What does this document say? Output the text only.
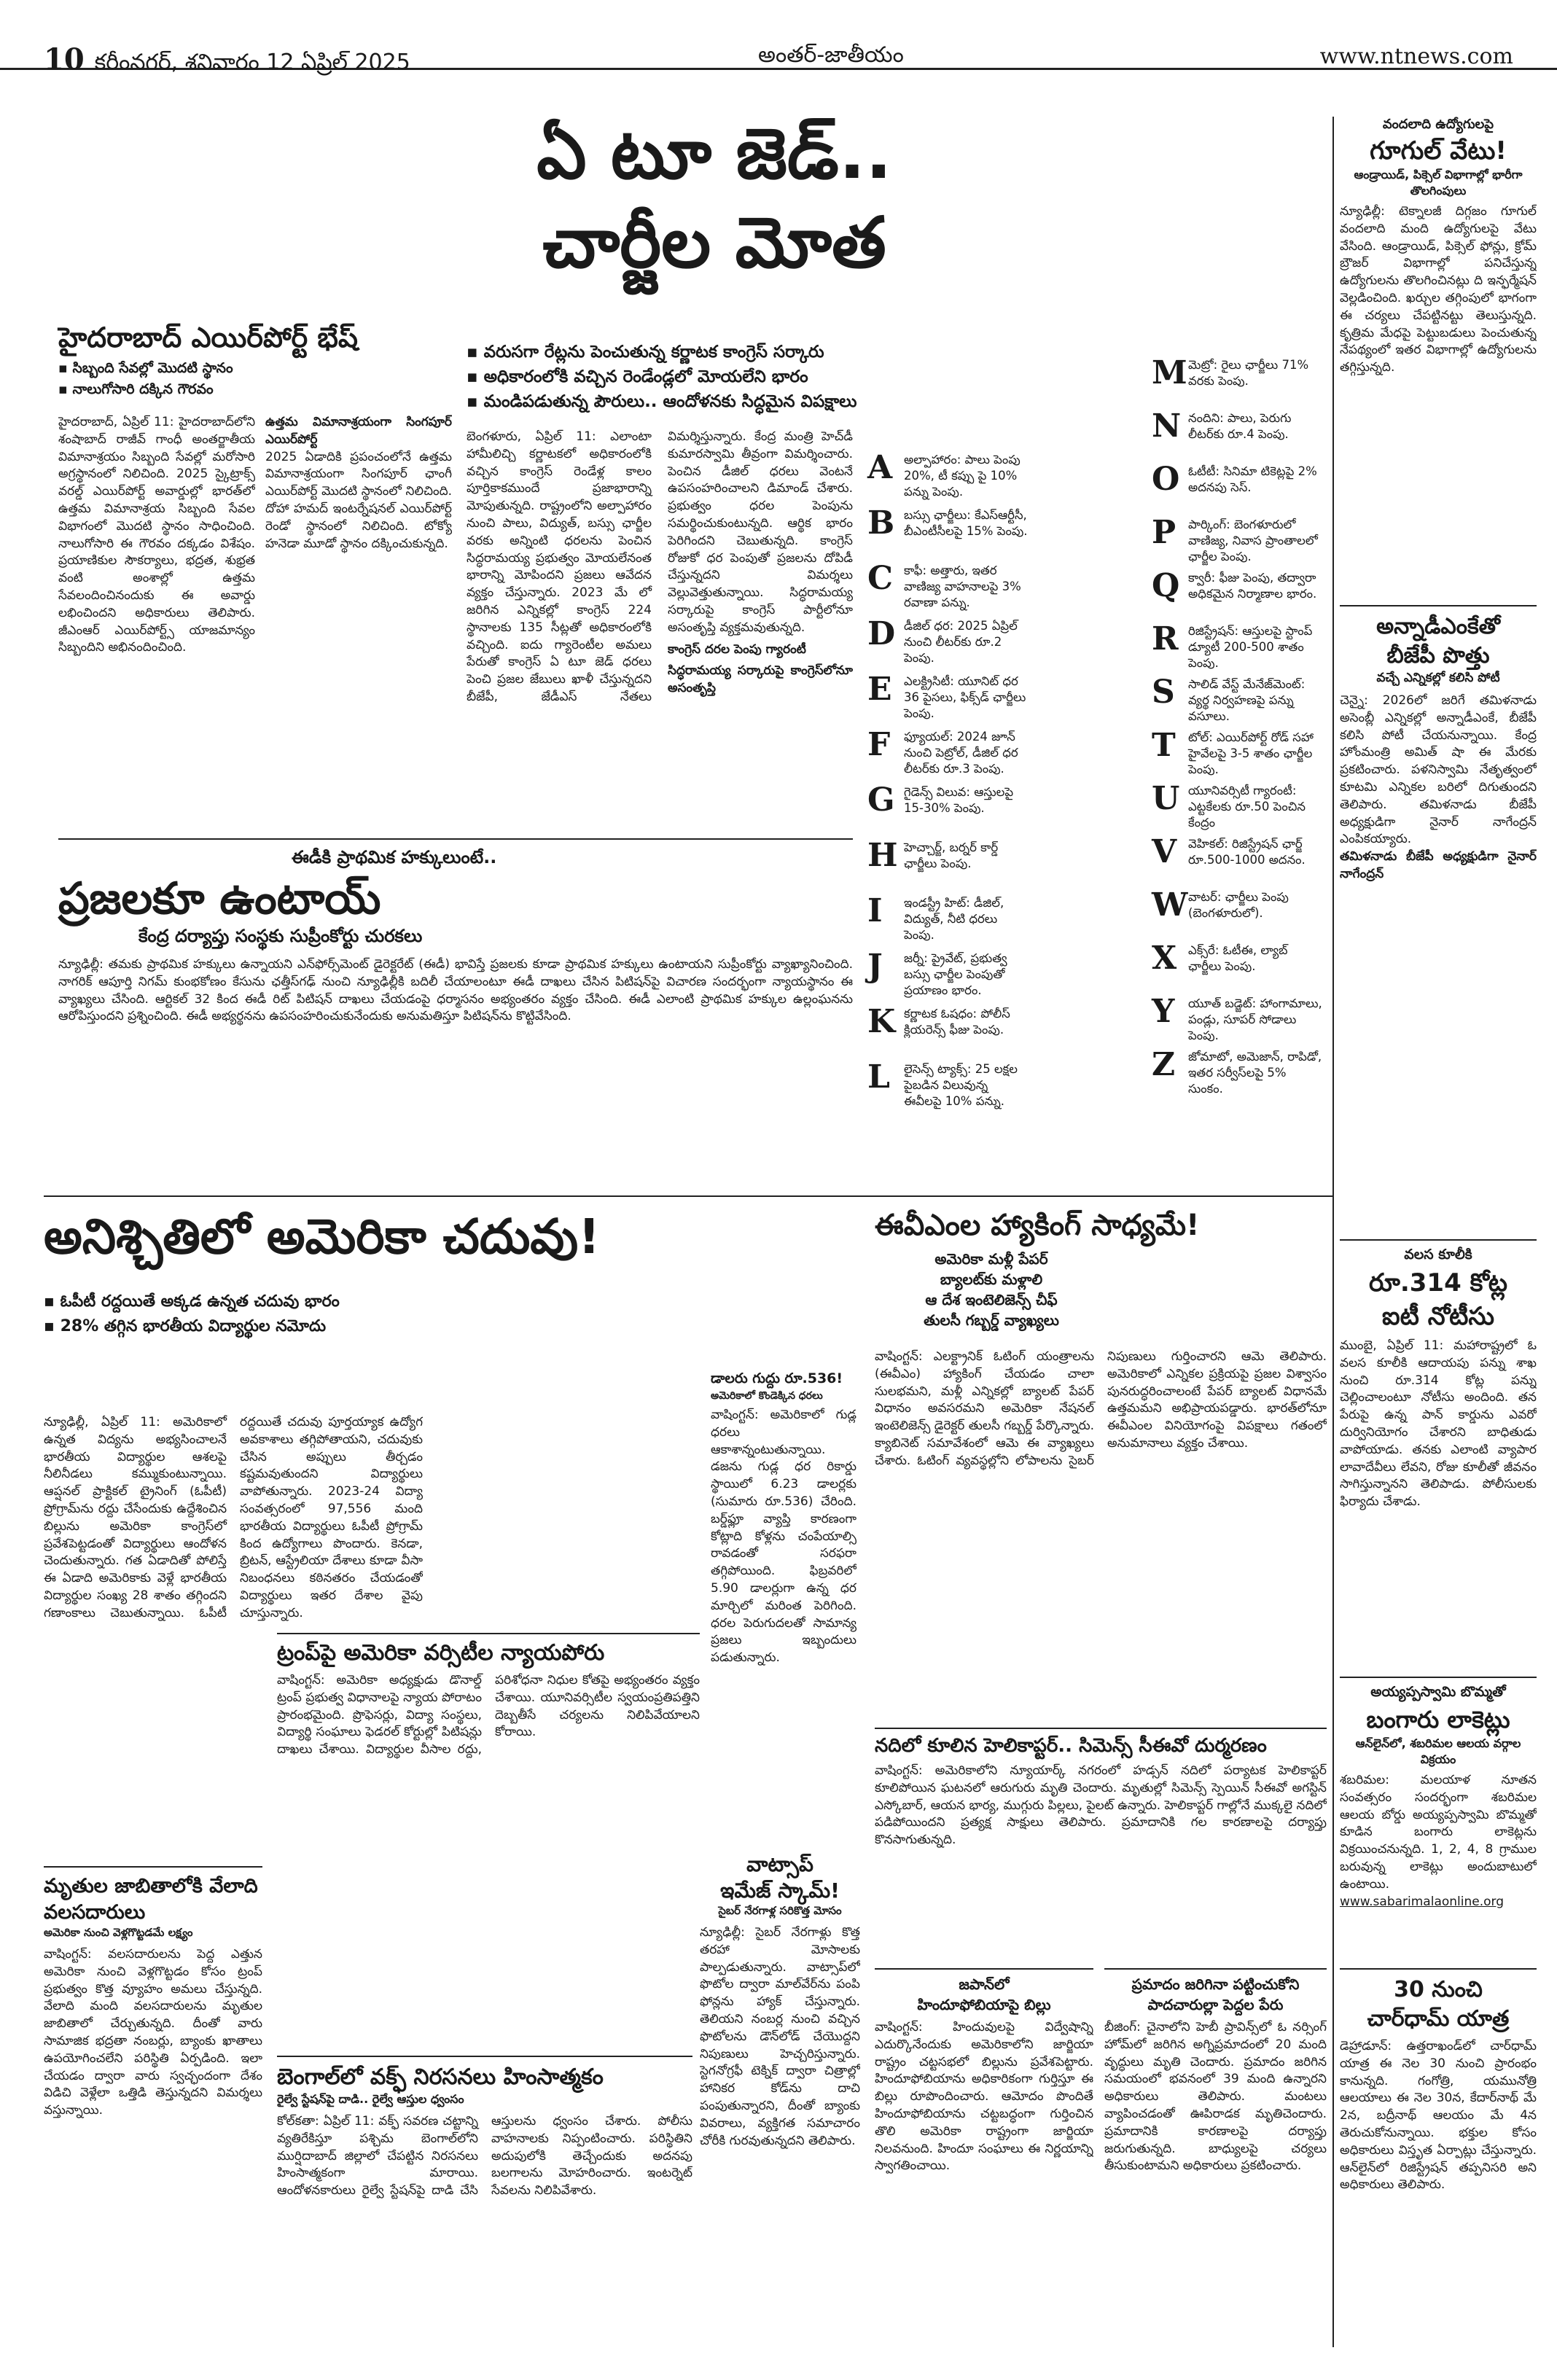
10 కరీంనగర్, శనివారం 12 ఏప్రిల్ 2025	అంతర్-జాతీయం	www.ntnews.com
ఏ టూ జెడ్..
చార్జీల మోత
హైదరాబాద్ ఎయిర్‌పోర్ట్ భేష్
▪ సిబ్బంది సేవల్లో మొదటి స్థానం
▪ నాలుగోసారి దక్కిన గౌరవం
హైదరాబాద్, ఏప్రిల్ 11: హైదరాబాద్‌లోని శంషాబాద్ రాజీవ్ గాంధీ అంతర్జాతీయ విమానాశ్రయం సిబ్బంది సేవల్లో మరోసారి అగ్రస్థానంలో నిలిచింది. 2025 స్కైట్రాక్స్ వరల్డ్ ఎయిర్‌పోర్ట్ అవార్డుల్లో భారత్‌లో ఉత్తమ విమానాశ్రయ సిబ్బంది సేవల విభాగంలో మొదటి స్థానం సాధించింది. నాలుగోసారి ఈ గౌరవం దక్కడం విశేషం. ప్రయాణికుల సౌకర్యాలు, భద్రత, శుభ్రత వంటి అంశాల్లో ఉత్తమ సేవలందించినందుకు ఈ అవార్డు లభించిందని అధికారులు తెలిపారు. జీఎంఆర్ ఎయిర్‌పోర్ట్స్ యాజమాన్యం సిబ్బందిని అభినందించింది.
ఉత్తమ విమానాశ్రయంగా సింగపూర్ ఎయిర్‌పోర్ట్
2025 ఏడాదికి ప్రపంచంలోనే ఉత్తమ విమానాశ్రయంగా సింగపూర్ ఛాంగీ ఎయిర్‌పోర్ట్ మొదటి స్థానంలో నిలిచింది. దోహా హమద్ ఇంటర్నేషనల్ ఎయిర్‌పోర్ట్ రెండో స్థానంలో నిలిచింది. టోక్యో హనెడా మూడో స్థానం దక్కించుకున్నది.
▪ వరుసగా రేట్లను పెంచుతున్న కర్ణాటక కాంగ్రెస్ సర్కారు
▪ అధికారంలోకి వచ్చిన రెండేండ్లలో మోయలేని భారం
▪ మండిపడుతున్న పౌరులు.. ఆందోళనకు సిద్ధమైన విపక్షాలు
బెంగళూరు, ఏప్రిల్ 11: ఎలాంటా హామీలిచ్చి కర్ణాటకలో అధికారంలోకి వచ్చిన కాంగ్రెస్ రెండేళ్ల కాలం పూర్తికాకముందే ప్రజాభారాన్ని మోపుతున్నది. రాష్ట్రంలోని అల్పాహారం నుంచి పాలు, విద్యుత్, బస్సు ఛార్జీల వరకు అన్నింటి ధరలను పెంచిన సిద్ధరామయ్య ప్రభుత్వం మోయలేనంత భారాన్ని మోపిందని ప్రజలు ఆవేదన వ్యక్తం చేస్తున్నారు. 2023 మే లో జరిగిన ఎన్నికల్లో కాంగ్రెస్ 224 స్థానాలకు 135 సీట్లతో అధికారంలోకి వచ్చింది. ఐదు గ్యారెంటీల అమలు పేరుతో కాంగ్రెస్ ఏ టూ జెడ్ ధరలు పెంచి ప్రజల జేబులు ఖాళీ చేస్తున్నదని బీజేపీ, జేడీఎస్ నేతలు విమర్శిస్తున్నారు. కేంద్ర మంత్రి హెచ్‌డీ కుమారస్వామి తీవ్రంగా విమర్శించారు. పెంచిన డీజిల్ ధరలు వెంటనే ఉపసంహరించాలని డిమాండ్ చేశారు. ప్రభుత్వం ధరల పెంపును సమర్థించుకుంటున్నది. ఆర్థిక భారం పెరిగిందని చెబుతున్నది. కాంగ్రెస్ రోజుకో ధర పెంపుతో ప్రజలను దోపిడీ చేస్తున్నదని విమర్శలు వెల్లువెత్తుతున్నాయి. సిద్ధరామయ్య సర్కారుపై కాంగ్రెస్ పార్టీలోనూ అసంతృప్తి వ్యక్తమవుతున్నది.
కాంగ్రెస్‌ దరల పెంపు గ్యారంటీ
సిద్ధరామయ్య సర్కారుపై కాంగ్రెస్‌లోనూ అసంతృప్తి
A అల్పాహారం: పాలు పెంపు 20%, టీ కప్పు పై 10% పన్ను పెంపు.
B బస్సు ఛార్జీలు: కేఎస్ఆర్టీసీ, బీఎంటీసీలపై 15% పెంపు.
C కాఫీ: అత్తారు, ఇతర వాణిజ్య వాహనాలపై 3% రవాణా పన్ను.
D డీజిల్ ధర: 2025 ఏప్రిల్ నుంచి లీటర్‌కు రూ.2 పెంపు.
E ఎలక్ట్రిసిటీ: యూనిట్ ధర 36 పైసలు, ఫిక్స్‌డ్ ఛార్జీలు పెంపు.
F ఫ్యూయల్: 2024 జూన్ నుంచి పెట్రోల్, డీజిల్ ధర లీటర్‌కు రూ.3 పెంపు.
G గైడెన్స్ విలువ: ఆస్తులపై 15-30% పెంపు.
H హెచ్చార్జ్, బర్నర్ కార్డ్ ఛార్జీలు పెంపు.
I ఇండస్ట్రీ హిట్: డీజిల్, విద్యుత్, నీటి ధరలు పెంపు.
J జర్నీ: ప్రైవేట్, ప్రభుత్వ బస్సు ఛార్జీల పెంపుతో ప్రయాణం భారం.
K కర్ణాటక ఓషధం: పోలీస్ క్లియరెన్స్ ఫీజు పెంపు.
L లైసెన్స్ ట్యాక్స్: 25 లక్షల పైబడిన విలువున్న ఈవీలపై 10% పన్ను.
M మెట్రో: రైలు ఛార్జీలు 71% వరకు పెంపు.
N నందిని: పాలు, పెరుగు లీటర్‌కు రూ.4 పెంపు.
O ఓటీటీ: సినిమా టికెట్లపై 2% అదనపు సెస్.
P పార్కింగ్: బెంగళూరులో వాణిజ్య, నివాస ప్రాంతాలలో ఛార్జీల పెంపు.
Q క్వారీ: ఫీజు పెంపు, తద్వారా అధికమైన నిర్మాణాల భారం.
R రిజిస్ట్రేషన్: ఆస్తులపై స్టాంప్ డ్యూటీ 200-500 శాతం పెంపు.
S సాలిడ్ వేస్ట్ మేనేజ్‌మెంట్: వ్యర్థ నిర్వహణపై పన్ను వసూలు.
T టోల్: ఎయిర్‌పోర్ట్ రోడ్ సహా హైవేలపై 3-5 శాతం ఛార్జీల పెంపు.
U యూనివర్సిటీ గ్యారంటీ: ఎట్టకేలకు రూ.50 పెంచిన కేంద్రం
V వెహికల్: రిజిస్ట్రేషన్ ఛార్జ్ రూ.500-1000 అదనం.
W వాటర్: ఛార్జీలు పెంపు (బెంగళూరులో).
X ఎక్స్‌రే: ఓటీఈ, ల్యాబ్ ఛార్జీలు పెంపు.
Y యూత్ బడ్జెట్: హాంగామాలు, పండ్లు, సూపర్ సోడాలు పెంపు.
Z జోమాటో, అమెజాన్, రాపిడో, ఇతర సర్వీస్‌లపై 5% సుంకం.
వందలాది ఉద్యోగులపై
గూగుల్ వేటు!
ఆండ్రాయిడ్, పిక్సెల్ విభాగాల్లో భారీగా తొలగింపులు
న్యూఢిల్లీ: టెక్నాలజీ దిగ్గజం గూగుల్ వందలాది మంది ఉద్యోగులపై వేటు వేసింది. ఆండ్రాయిడ్, పిక్సెల్ ఫోన్లు, క్రోమ్ బ్రౌజర్ విభాగాల్లో పనిచేస్తున్న ఉద్యోగులను తొలగించినట్లు ది ఇన్ఫర్మేషన్ వెల్లడించింది. ఖర్చుల తగ్గింపులో భాగంగా ఈ చర్యలు చేపట్టినట్టు తెలుస్తున్నది. కృత్రిమ మేధపై పెట్టుబడులు పెంచుతున్న నేపథ్యంలో ఇతర విభాగాల్లో ఉద్యోగులను తగ్గిస్తున్నది.
అన్నాడీఎంకేతో
బీజేపీ పొత్తు
వచ్చే ఎన్నికల్లో కలిసి పోటీ
చెన్నై: 2026లో జరిగే తమిళనాడు అసెంబ్లీ ఎన్నికల్లో అన్నాడీఎంకే, బీజేపీ కలిసి పోటీ చేయనున్నాయి. కేంద్ర హోంమంత్రి అమిత్ షా ఈ మేరకు ప్రకటించారు. పళనిస్వామి నేతృత్వంలో కూటమి ఎన్నికల బరిలో దిగుతుందని తెలిపారు. తమిళనాడు బీజేపీ అధ్యక్షుడిగా నైనార్ నాగేంద్రన్ ఎంపికయ్యారు.
తమిళనాడు బీజేపీ అధ్యక్షుడిగా నైనార్ నాగేంద్రన్
వలస కూలీకి
రూ.314 కోట్ల
ఐటీ నోటీసు
ముంబై, ఏప్రిల్ 11: మహారాష్ట్రలో ఓ వలస కూలీకి ఆదాయపు పన్ను శాఖ నుంచి రూ.314 కోట్ల పన్ను చెల్లించాలంటూ నోటీసు అందింది. తన పేరుపై ఉన్న పాన్ కార్డును ఎవరో దుర్వినియోగం చేశారని బాధితుడు వాపోయాడు. తనకు ఎలాంటి వ్యాపార లావాదేవీలు లేవని, రోజు కూలీతో జీవనం సాగిస్తున్నానని తెలిపాడు. పోలీసులకు ఫిర్యాదు చేశాడు.
అయ్యప్పస్వామి బొమ్మతో
బంగారు లాకెట్లు
ఆన్‌లైన్‌లో, శబరిమల ఆలయ వర్గాల విక్రయం
శబరిమల: మలయాళ నూతన సంవత్సరం సందర్భంగా శబరిమల ఆలయ బోర్డు అయ్యప్పస్వామి బొమ్మతో కూడిన బంగారు లాకెట్లను విక్రయించనున్నది. 1, 2, 4, 8 గ్రాముల బరువున్న లాకెట్లు అందుబాటులో ఉంటాయి. www.sabarimalaonline.org
30 నుంచి
చార్‌ధామ్ యాత్ర
డెహ్రాడూన్: ఉత్తరాఖండ్‌లో చార్‌ధామ్ యాత్ర ఈ నెల 30 నుంచి ప్రారంభం కానున్నది. గంగోత్రి, యమునోత్రి ఆలయాలు ఈ నెల 30న, కేదార్‌నాథ్ మే 2న, బద్రీనాథ్ ఆలయం మే 4న తెరుచుకోనున్నాయి. భక్తుల కోసం అధికారులు విస్తృత ఏర్పాట్లు చేస్తున్నారు. ఆన్‌లైన్‌లో రిజిస్ట్రేషన్ తప్పనిసరి అని అధికారులు తెలిపారు.
ఈడీకి ప్రాథమిక హక్కులుంటే..
ప్రజలకూ ఉంటాయ్
కేంద్ర దర్యాప్తు సంస్థకు సుప్రీంకోర్టు చురకలు
న్యూఢిల్లీ: తమకు ప్రాథమిక హక్కులు ఉన్నాయని ఎన్‌ఫోర్స్‌మెంట్ డైరెక్టరేట్ (ఈడీ) భావిస్తే ప్రజలకు కూడా ప్రాథమిక హక్కులు ఉంటాయని సుప్రీంకోర్టు వ్యాఖ్యానించింది. నాగరిక్ ఆపూర్తి నిగమ్ కుంభకోణం కేసును ఛత్తీస్‌గఢ్ నుంచి న్యూఢిల్లీకి బదిలీ చేయాలంటూ ఈడీ దాఖలు చేసిన పిటిషన్‌పై విచారణ సందర్భంగా న్యాయస్థానం ఈ వ్యాఖ్యలు చేసింది. ఆర్టికల్ 32 కింద ఈడీ రిట్ పిటిషన్ దాఖలు చేయడంపై ధర్మాసనం అభ్యంతరం వ్యక్తం చేసింది. ఈడీ ఎలాంటి ప్రాథమిక హక్కుల ఉల్లంఘనను ఆరోపిస్తుందని ప్రశ్నించింది. ఈడీ అభ్యర్థనను ఉపసంహరించుకునేందుకు అనుమతిస్తూ పిటిషన్‌ను కొట్టివేసింది.
అనిశ్చితిలో అమెరికా చదువు!
▪ ఓపీటీ రద్దయితే అక్కడ ఉన్నత చదువు భారం
▪ 28% తగ్గిన భారతీయ విద్యార్థుల నమోదు
న్యూఢిల్లీ, ఏప్రిల్ 11: అమెరికాలో ఉన్నత విద్యను అభ్యసించాలనే భారతీయ విద్యార్థుల ఆశలపై నీలినీడలు కమ్ముకుంటున్నాయి. ఆప్షనల్ ప్రాక్టికల్ ట్రైనింగ్ (ఓపీటీ) ప్రోగ్రామ్‌ను రద్దు చేసేందుకు ఉద్దేశించిన బిల్లును అమెరికా కాంగ్రెస్‌లో ప్రవేశపెట్టడంతో విద్యార్థులు ఆందోళన చెందుతున్నారు. గత ఏడాదితో పోలిస్తే ఈ ఏడాది అమెరికాకు వెళ్లే భారతీయ విద్యార్థుల సంఖ్య 28 శాతం తగ్గిందని గణాంకాలు చెబుతున్నాయి. ఓపీటీ రద్దయితే చదువు పూర్తయ్యాక ఉద్యోగ అవకాశాలు తగ్గిపోతాయని, చదువుకు చేసిన అప్పులు తీర్చడం కష్టమవుతుందని విద్యార్థులు వాపోతున్నారు. 2023-24 విద్యా సంవత్సరంలో 97,556 మంది భారతీయ విద్యార్థులు ఓపీటీ ప్రోగ్రామ్ కింద ఉద్యోగాలు పొందారు. కెనడా, బ్రిటన్, ఆస్ట్రేలియా దేశాలు కూడా వీసా నిబంధనలు కఠినతరం చేయడంతో విద్యార్థులు ఇతర దేశాల వైపు చూస్తున్నారు.
డాలరు గుద్దు రూ.536!
అమెరికాలో కొండెక్కిన ధరలు
వాషింగ్టన్: అమెరికాలో గుడ్ల ధరలు ఆకాశాన్నంటుతున్నాయి. డజను గుడ్ల ధర రికార్డు స్థాయిలో 6.23 డాలర్లకు (సుమారు రూ.536) చేరింది. బర్డ్‌ఫ్లూ వ్యాప్తి కారణంగా కోట్లాది కోళ్లను చంపేయాల్సి రావడంతో సరఫరా తగ్గిపోయింది. ఫిబ్రవరిలో 5.90 డాలర్లుగా ఉన్న ధర మార్చిలో మరింత పెరిగింది. ధరల పెరుగుదలతో సామాన్య ప్రజలు ఇబ్బందులు పడుతున్నారు.
ట్రంప్‌పై అమెరికా వర్సిటీల న్యాయపోరు
వాషింగ్టన్: అమెరికా అధ్యక్షుడు డొనాల్డ్ ట్రంప్ ప్రభుత్వ విధానాలపై న్యాయ పోరాటం ప్రారంభమైంది. ప్రొఫెసర్లు, విద్యా సంస్థలు, విద్యార్థి సంఘాలు ఫెడరల్ కోర్టుల్లో పిటిషన్లు దాఖలు చేశాయి. విద్యార్థుల వీసాల రద్దు, పరిశోధనా నిధుల కోతపై అభ్యంతరం వ్యక్తం చేశాయి. యూనివర్సిటీల స్వయంప్రతిపత్తిని దెబ్బతీసే చర్యలను నిలిపివేయాలని కోరాయి.
మృతుల జాబితాలోకి వేలాది వలసదారులు
అమెరికా నుంచి వెళ్లగొట్టడమే లక్ష్యం
వాషింగ్టన్: వలసదారులను పెద్ద ఎత్తున అమెరికా నుంచి వెళ్లగొట్టడం కోసం ట్రంప్ ప్రభుత్వం కొత్త వ్యూహం అమలు చేస్తున్నది. వేలాది మంది వలసదారులను మృతుల జాబితాలో చేర్చుతున్నది. దీంతో వారు సామాజిక భద్రతా నంబర్లు, బ్యాంకు ఖాతాలు ఉపయోగించలేని పరిస్థితి ఏర్పడింది. ఇలా చేయడం ద్వారా వారు స్వచ్ఛందంగా దేశం విడిచి వెళ్లేలా ఒత్తిడి తెస్తున్నదని విమర్శలు వస్తున్నాయి.
వాట్సాప్
ఇమేజ్ స్కామ్!
సైబర్ నేరగాళ్ల సరికొత్త మోసం
న్యూఢిల్లీ: సైబర్ నేరగాళ్లు కొత్త తరహా మోసాలకు పాల్పడుతున్నారు. వాట్సాప్‌లో ఫొటోల ద్వారా మాల్‌వేర్‌ను పంపి ఫోన్లను హ్యాక్ చేస్తున్నారు. తెలియని నంబర్ల నుంచి వచ్చిన ఫొటోలను డౌన్‌లోడ్ చేయొద్దని నిపుణులు హెచ్చరిస్తున్నారు. స్టెగనోగ్రఫీ టెక్నిక్ ద్వారా చిత్రాల్లో హానికర కోడ్‌ను దాచి పంపుతున్నారని, దీంతో బ్యాంకు వివరాలు, వ్యక్తిగత సమాచారం చోరీకి గురవుతున్నదని తెలిపారు.
బెంగాల్‌లో వక్ఫ్ నిరసనలు హింసాత్మకం
రైల్వే స్టేషన్‌పై దాడి.. రైల్వే ఆస్తుల ధ్వంసం
కోల్‌కతా: ఏప్రిల్ 11: వక్ఫ్ సవరణ చట్టాన్ని వ్యతిరేకిస్తూ పశ్చిమ బెంగాల్‌లోని ముర్షిదాబాద్ జిల్లాలో చేపట్టిన నిరసనలు హింసాత్మకంగా మారాయి. ఆందోళనకారులు రైల్వే స్టేషన్‌పై దాడి చేసి ఆస్తులను ధ్వంసం చేశారు. పోలీసు వాహనాలకు నిప్పంటించారు. పరిస్థితిని అదుపులోకి తెచ్చేందుకు అదనపు బలగాలను మోహరించారు. ఇంటర్నెట్ సేవలను నిలిపివేశారు.
ఈవీఎంల హ్యాకింగ్ సాధ్యమే!
అమెరికా మళ్లీ పేపర్
బ్యాలట్‌కు మళ్లాలి
ఆ దేశ ఇంటెలిజెన్స్ చీఫ్
తులసీ గబ్బర్డ్ వ్యాఖ్యలు
వాషింగ్టన్: ఎలక్ట్రానిక్ ఓటింగ్ యంత్రాలను (ఈవీఎం) హ్యాకింగ్ చేయడం చాలా సులభమని, మళ్లీ ఎన్నికల్లో బ్యాలట్ పేపర్ విధానం అవసరమని అమెరికా నేషనల్ ఇంటెలిజెన్స్ డైరెక్టర్ తులసీ గబ్బర్డ్ పేర్కొన్నారు. క్యాబినెట్ సమావేశంలో ఆమె ఈ వ్యాఖ్యలు చేశారు. ఓటింగ్ వ్యవస్థల్లోని లోపాలను సైబర్ నిపుణులు గుర్తించారని ఆమె తెలిపారు. అమెరికాలో ఎన్నికల ప్రక్రియపై ప్రజల విశ్వాసం పునరుద్ధరించాలంటే పేపర్ బ్యాలట్ విధానమే ఉత్తమమని అభిప్రాయపడ్డారు. భారత్‌లోనూ ఈవీఎంల వినియోగంపై విపక్షాలు గతంలో అనుమానాలు వ్యక్తం చేశాయి.
నదిలో కూలిన హెలికాప్టర్.. సిమెన్స్ సీఈవో దుర్మరణం
వాషింగ్టన్: అమెరికాలోని న్యూయార్క్ నగరంలో హడ్సన్ నదిలో పర్యాటక హెలికాప్టర్ కూలిపోయిన ఘటనలో ఆరుగురు మృతి చెందారు. మృతుల్లో సిమెన్స్ స్పెయిన్ సీఈవో అగస్టిన్ ఎస్కోబార్, ఆయన భార్య, ముగ్గురు పిల్లలు, పైలట్ ఉన్నారు. హెలికాప్టర్ గాల్లోనే ముక్కలై నదిలో పడిపోయిందని ప్రత్యక్ష సాక్షులు తెలిపారు. ప్రమాదానికి గల కారణాలపై దర్యాప్తు కొనసాగుతున్నది.
జపాన్‌లో
హిందూఫోబియాపై బిల్లు
వాషింగ్టన్: హిందువులపై విద్వేషాన్ని ఎదుర్కొనేందుకు అమెరికాలోని జార్జియా రాష్ట్రం చట్టసభలో బిల్లును ప్రవేశపెట్టారు. హిందూఫోబియాను అధికారికంగా గుర్తిస్తూ ఈ బిల్లు రూపొందించారు. ఆమోదం పొందితే హిందూఫోబియాను చట్టబద్ధంగా గుర్తించిన తొలి అమెరికా రాష్ట్రంగా జార్జియా నిలవనుంది. హిందూ సంఘాలు ఈ నిర్ణయాన్ని స్వాగతించాయి.
ప్రమాదం జరిగినా పట్టించుకోని
పాదచారుల్లా పెద్దల పేరు
బీజింగ్: చైనాలోని హెబీ ప్రావిన్స్‌లో ఓ నర్సింగ్ హోమ్‌లో జరిగిన అగ్నిప్రమాదంలో 20 మంది వృద్ధులు మృతి చెందారు. ప్రమాదం జరిగిన సమయంలో భవనంలో 39 మంది ఉన్నారని అధికారులు తెలిపారు. మంటలు వ్యాపించడంతో ఊపిరాడక మృతిచెందారు. ప్రమాదానికి కారణాలపై దర్యాప్తు జరుగుతున్నది. బాధ్యులపై చర్యలు తీసుకుంటామని అధికారులు ప్రకటించారు.
